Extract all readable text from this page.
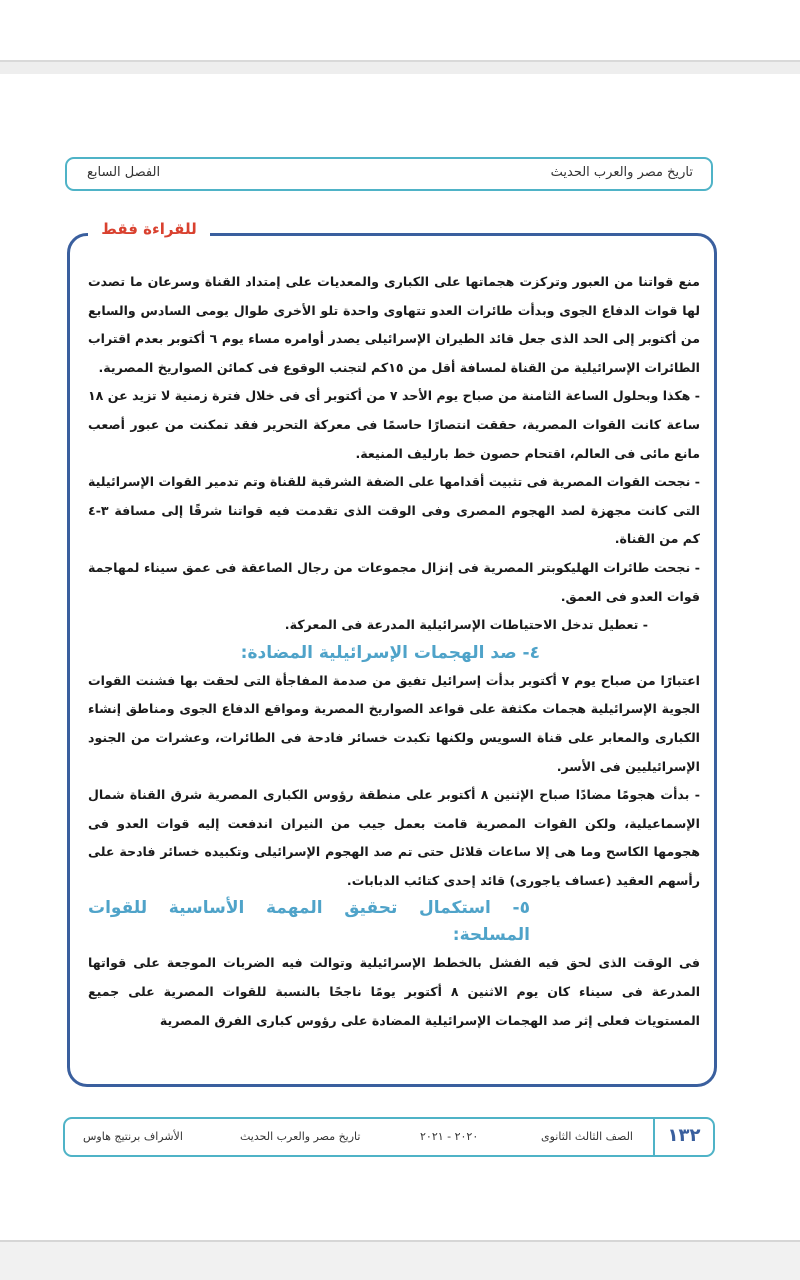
تاريخ مصر والعرب الحديث
الفصل السابع
للقراءة فقط

منع قواتنا من العبور وتركزت هجماتها على الكبارى والمعديات على إمتداد القناة وسرعان ما تصدت لها قوات الدفاع الجوى وبدأت طائرات العدو تتهاوى واحدة تلو الأخرى طوال يومى السادس والسابع من أكتوبر إلى الحد الذى جعل قائد الطيران الإسرائيلى يصدر أوامره مساء يوم ٦ أكتوبر بعدم اقتراب الطائرات الإسرائيلية من القناة لمسافة أقل من ١٥كم لتجنب الوقوع فى كمائن الصواريخ المصرية.

- هكذا وبحلول الساعة الثامنة من صباح يوم الأحد ٧ من أكتوبر أى فى خلال فترة زمنية لا تزيد عن ١٨ ساعة كانت القوات المصرية، حققت انتصارًا حاسمًا فى معركة التحرير فقد تمكنت من عبور أصعب مانع مائى فى العالم، اقتحام حصون خط بارليف المنيعة.

- نجحت القوات المصرية فى تثبيت أقدامها على الضفة الشرقية للقناة وتم تدمير القوات الإسرائيلية التى كانت مجهزة لصد الهجوم المصرى وفى الوقت الذى تقدمت فيه قواتنا شرقًا إلى مسافة ٣-٤ كم من القناة.

- نجحت طائرات الهليكوبتر المصرية فى إنزال مجموعات من رجال الصاعقة فى عمق سيناء لمهاجمة قوات العدو فى العمق.

- تعطيل تدخل الاحتياطات الإسرائيلية المدرعة فى المعركة.

٤- صد الهجمات الإسرائيلية المضادة:

اعتبارًا من صباح يوم ٧ أكتوبر بدأت إسرائيل تفيق من صدمة المفاجأة التى لحقت بها فشنت القوات الجوية الإسرائيلية هجمات مكثفة على قواعد الصواريخ المصرية ومواقع الدفاع الجوى ومناطق إنشاء الكبارى والمعابر على قناة السويس ولكنها تكبدت خسائر فادحة فى الطائرات، وعشرات من الجنود الإسرائيليين فى الأسر.

- بدأت هجومًا مضادًا صباح الإثنين ٨ أكتوبر على منطقة رؤوس الكبارى المصرية شرق القناة شمال الإسماعيلية، ولكن القوات المصرية قامت بعمل جيب من النيران اندفعت إليه قوات العدو فى هجومها الكاسح وما هى إلا ساعات قلائل حتى تم صد الهجوم الإسرائيلى وتكبيده خسائر فادحة على رأسهم العقيد (عساف ياجورى) قائد إحدى كتائب الدبابات.

٥- استكمال تحقيق المهمة الأساسية للقوات المسلحة:

فى الوقت الذى لحق فيه الفشل بالخطط الإسرائيلية وتوالت فيه الضربات الموجعة على قواتها المدرعة فى سيناء كان يوم الاثنين ٨ أكتوبر يومًا ناجحًا بالنسبة للقوات المصرية على جميع المستويات فعلى إثر صد الهجمات الإسرائيلية المضادة على رؤوس كبارى الفرق المصرية

١٣٢
الصف الثالث الثانوى
٢٠٢٠ - ٢٠٢١
تاريخ مصر والعرب الحديث
الأشراف برنتيج هاوس
